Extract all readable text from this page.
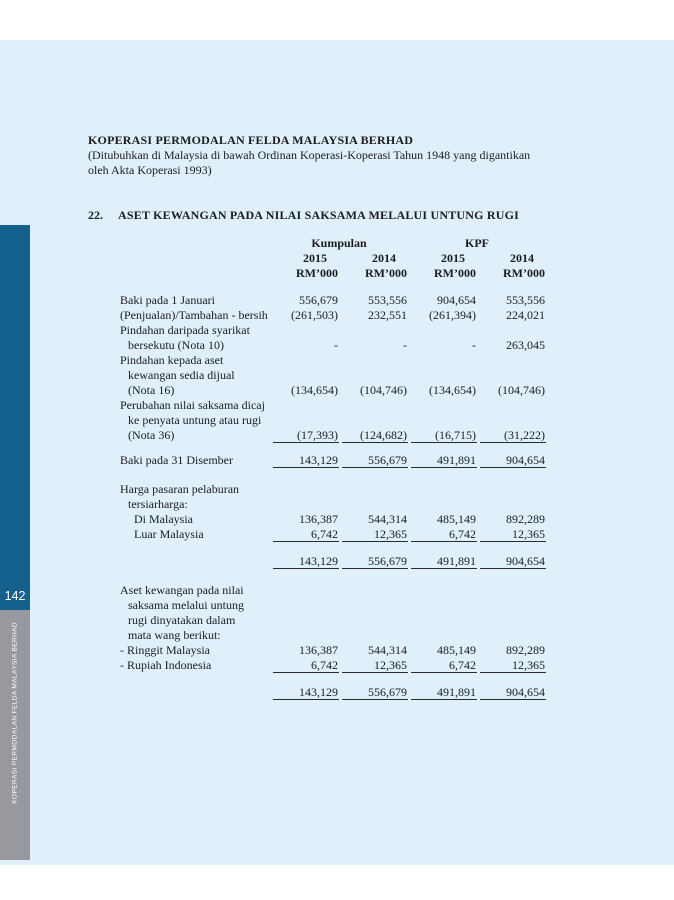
142
KOPERASI PERMODALAN FELDA MALAYSIA BERHAD
KOPERASI PERMODALAN FELDA MALAYSIA BERHAD
(Ditubuhkan di Malaysia di bawah Ordinan Koperasi-Koperasi Tahun 1948 yang digantikan
oleh Akta Koperasi 1993)
22.	ASET KEWANGAN PADA NILAI SAKSAMA MELALUI UNTUNG RUGI
Kumpulan	KPF
2015	2014	2015	2014
RM’000	RM’000	RM’000	RM’000
Baki pada 1 Januari	556,679	553,556	904,654	553,556
(Penjualan)/Tambahan - bersih	(261,503)	232,551	(261,394)	224,021
Pindahan daripada syarikat
bersekutu (Nota 10)	-	-	-	263,045
Pindahan kepada aset
kewangan sedia dijual
(Nota 16)	(134,654)	(104,746)	(134,654)	(104,746)
Perubahan nilai saksama dicaj
ke penyata untung atau rugi
(Nota 36)	(17,393)	(124,682)	(16,715)	(31,222)
Baki pada 31 Disember	143,129	556,679	491,891	904,654
Harga pasaran pelaburan
tersiarharga:
Di Malaysia	136,387	544,314	485,149	892,289
Luar Malaysia	6,742	12,365	6,742	12,365
143,129	556,679	491,891	904,654
Aset kewangan pada nilai
saksama melalui untung
rugi dinyatakan dalam
mata wang berikut:
- Ringgit Malaysia	136,387	544,314	485,149	892,289
- Rupiah Indonesia	6,742	12,365	6,742	12,365
143,129	556,679	491,891	904,654
